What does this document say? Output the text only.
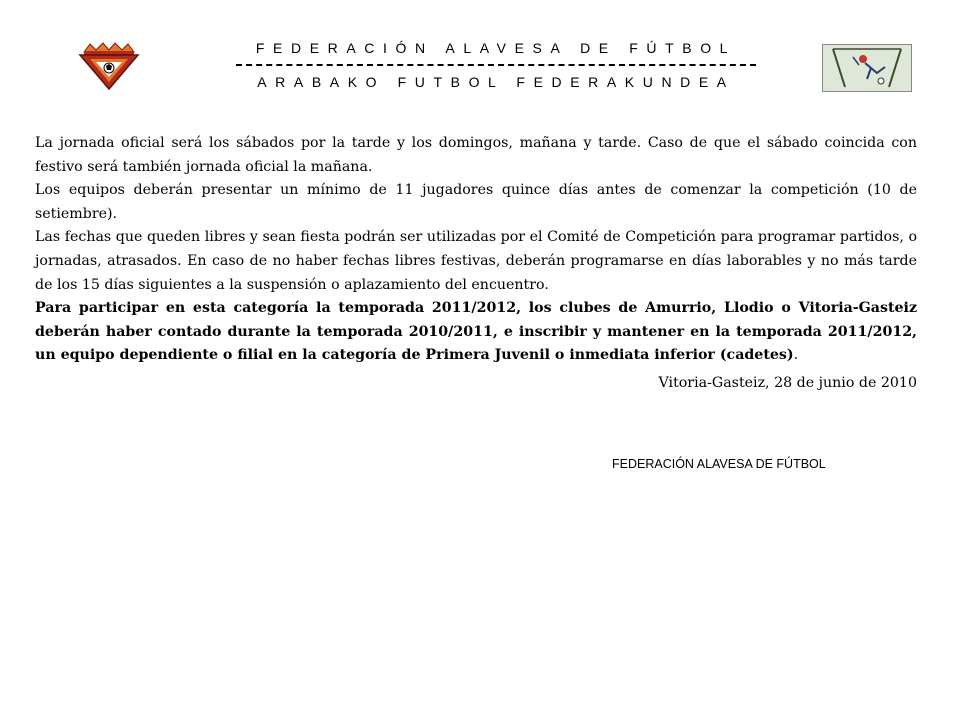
FEDERACIÓN ALAVESA DE FÚTBOL
ARABAKO FUTBOL FEDERAKUNDEA

La jornada oficial será los sábados por la tarde y los domingos, mañana y tarde. Caso de que el sábado coincida con festivo será también jornada oficial la mañana.

Los equipos deberán presentar un mínimo de 11 jugadores quince días antes de comenzar la competición (10 de setiembre).

Las fechas que queden libres y sean fiesta podrán ser utilizadas por el Comité de Competición para programar partidos, o jornadas, atrasados. En caso de no haber fechas libres festivas, deberán programarse en días laborables y no más tarde de los 15 días siguientes a la suspensión o aplazamiento del encuentro.

Para participar en esta categoría la temporada 2011/2012, los clubes de Amurrio, Llodio o Vitoria-Gasteiz deberán haber contado durante la temporada 2010/2011, e inscribir y mantener en la temporada 2011/2012, un equipo dependiente o filial en la categoría de Primera Juvenil o inmediata inferior (cadetes).

Vitoria-Gasteiz, 28 de junio de 2010
FEDERACIÓN ALAVESA DE FÚTBOL
